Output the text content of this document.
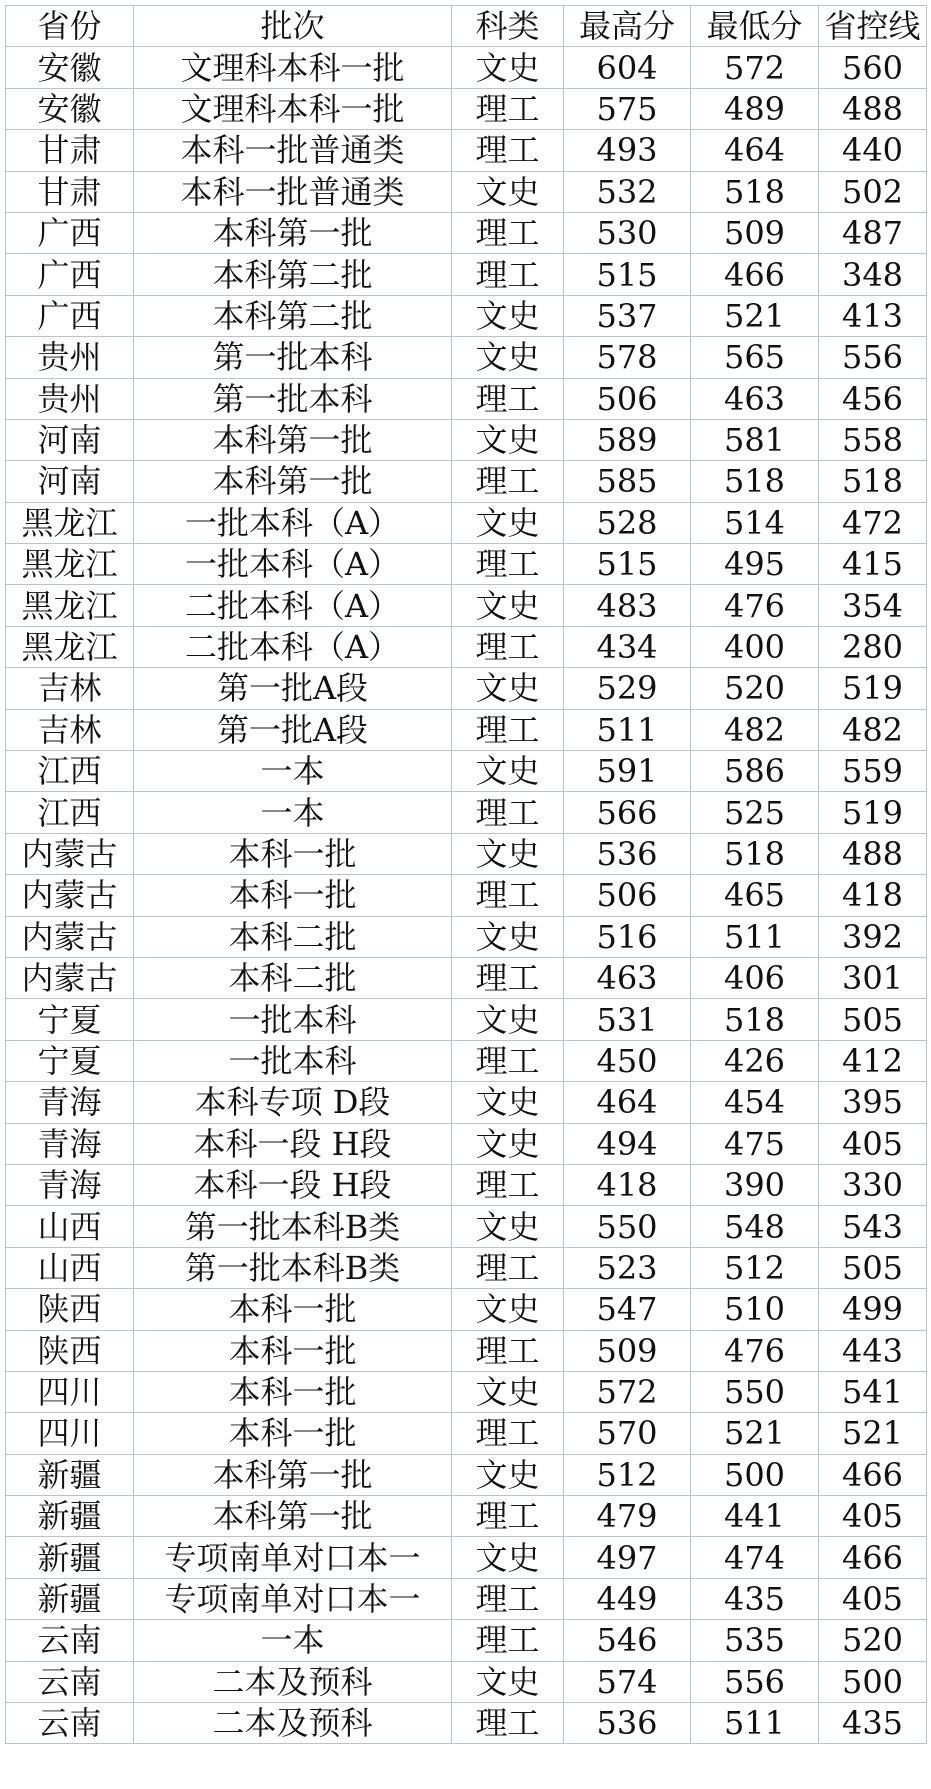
省份	批次	科类	最高分	最低分	省控线
安徽	文理科本科一批	文史	604	572	560
安徽	文理科本科一批	理工	575	489	488
甘肃	本科一批普通类	理工	493	464	440
甘肃	本科一批普通类	文史	532	518	502
广西	本科第一批	理工	530	509	487
广西	本科第二批	理工	515	466	348
广西	本科第二批	文史	537	521	413
贵州	第一批本科	文史	578	565	556
贵州	第一批本科	理工	506	463	456
河南	本科第一批	文史	589	581	558
河南	本科第一批	理工	585	518	518
黑龙江	一批本科（A）	文史	528	514	472
黑龙江	一批本科（A）	理工	515	495	415
黑龙江	二批本科（A）	文史	483	476	354
黑龙江	二批本科（A）	理工	434	400	280
吉林	第一批A段	文史	529	520	519
吉林	第一批A段	理工	511	482	482
江西	一本	文史	591	586	559
江西	一本	理工	566	525	519
内蒙古	本科一批	文史	536	518	488
内蒙古	本科一批	理工	506	465	418
内蒙古	本科二批	文史	516	511	392
内蒙古	本科二批	理工	463	406	301
宁夏	一批本科	文史	531	518	505
宁夏	一批本科	理工	450	426	412
青海	本科专项 D段	文史	464	454	395
青海	本科一段 H段	文史	494	475	405
青海	本科一段 H段	理工	418	390	330
山西	第一批本科B类	文史	550	548	543
山西	第一批本科B类	理工	523	512	505
陕西	本科一批	文史	547	510	499
陕西	本科一批	理工	509	476	443
四川	本科一批	文史	572	550	541
四川	本科一批	理工	570	521	521
新疆	本科第一批	文史	512	500	466
新疆	本科第一批	理工	479	441	405
新疆	专项南单对口本一	文史	497	474	466
新疆	专项南单对口本一	理工	449	435	405
云南	一本	理工	546	535	520
云南	二本及预科	文史	574	556	500
云南	二本及预科	理工	536	511	435
